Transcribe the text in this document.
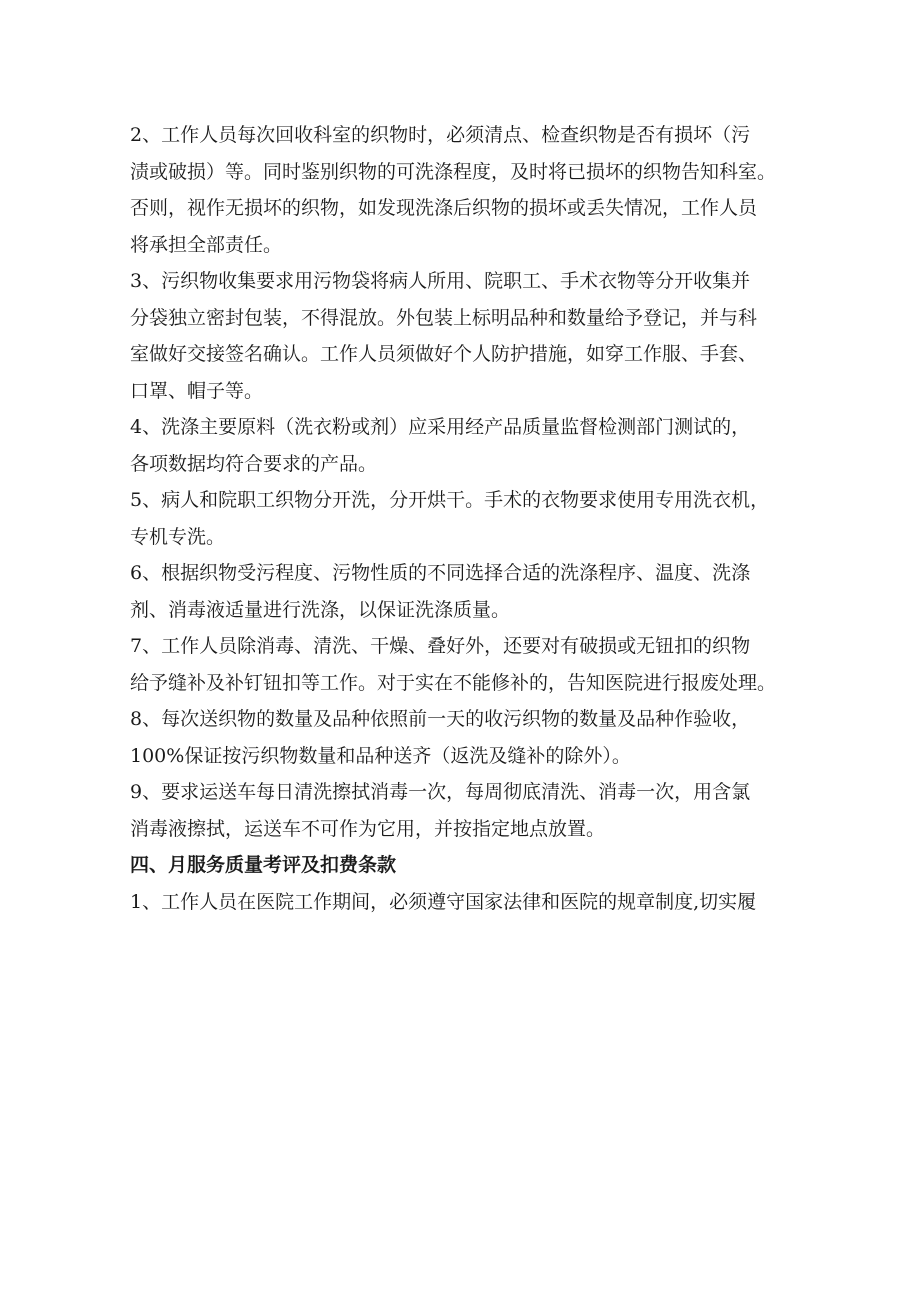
2、工作人员每次回收科室的织物时，必须清点、检查织物是否有损坏（污
渍或破损）等。同时鉴别织物的可洗涤程度，及时将已损坏的织物告知科室。
否则，视作无损坏的织物，如发现洗涤后织物的损坏或丢失情况，工作人员
将承担全部责任。
3、污织物收集要求用污物袋将病人所用、院职工、手术衣物等分开收集并
分袋独立密封包装，不得混放。外包装上标明品种和数量给予登记，并与科
室做好交接签名确认。工作人员须做好个人防护措施，如穿工作服、手套、
口罩、帽子等。
4、洗涤主要原料（洗衣粉或剂）应采用经产品质量监督检测部门测试的，
各项数据均符合要求的产品。
5、病人和院职工织物分开洗，分开烘干。手术的衣物要求使用专用洗衣机，
专机专洗。
6、根据织物受污程度、污物性质的不同选择合适的洗涤程序、温度、洗涤
剂、消毒液适量进行洗涤，以保证洗涤质量。
7、工作人员除消毒、清洗、干燥、叠好外，还要对有破损或无钮扣的织物
给予缝补及补钉钮扣等工作。对于实在不能修补的，告知医院进行报废处理。
8、每次送织物的数量及品种依照前一天的收污织物的数量及品种作验收，
100%保证按污织物数量和品种送齐（返洗及缝补的除外）。
9、要求运送车每日清洗擦拭消毒一次，每周彻底清洗、消毒一次，用含氯
消毒液擦拭，运送车不可作为它用，并按指定地点放置。
四、月服务质量考评及扣费条款
1、工作人员在医院工作期间，必须遵守国家法律和医院的规章制度,切实履
